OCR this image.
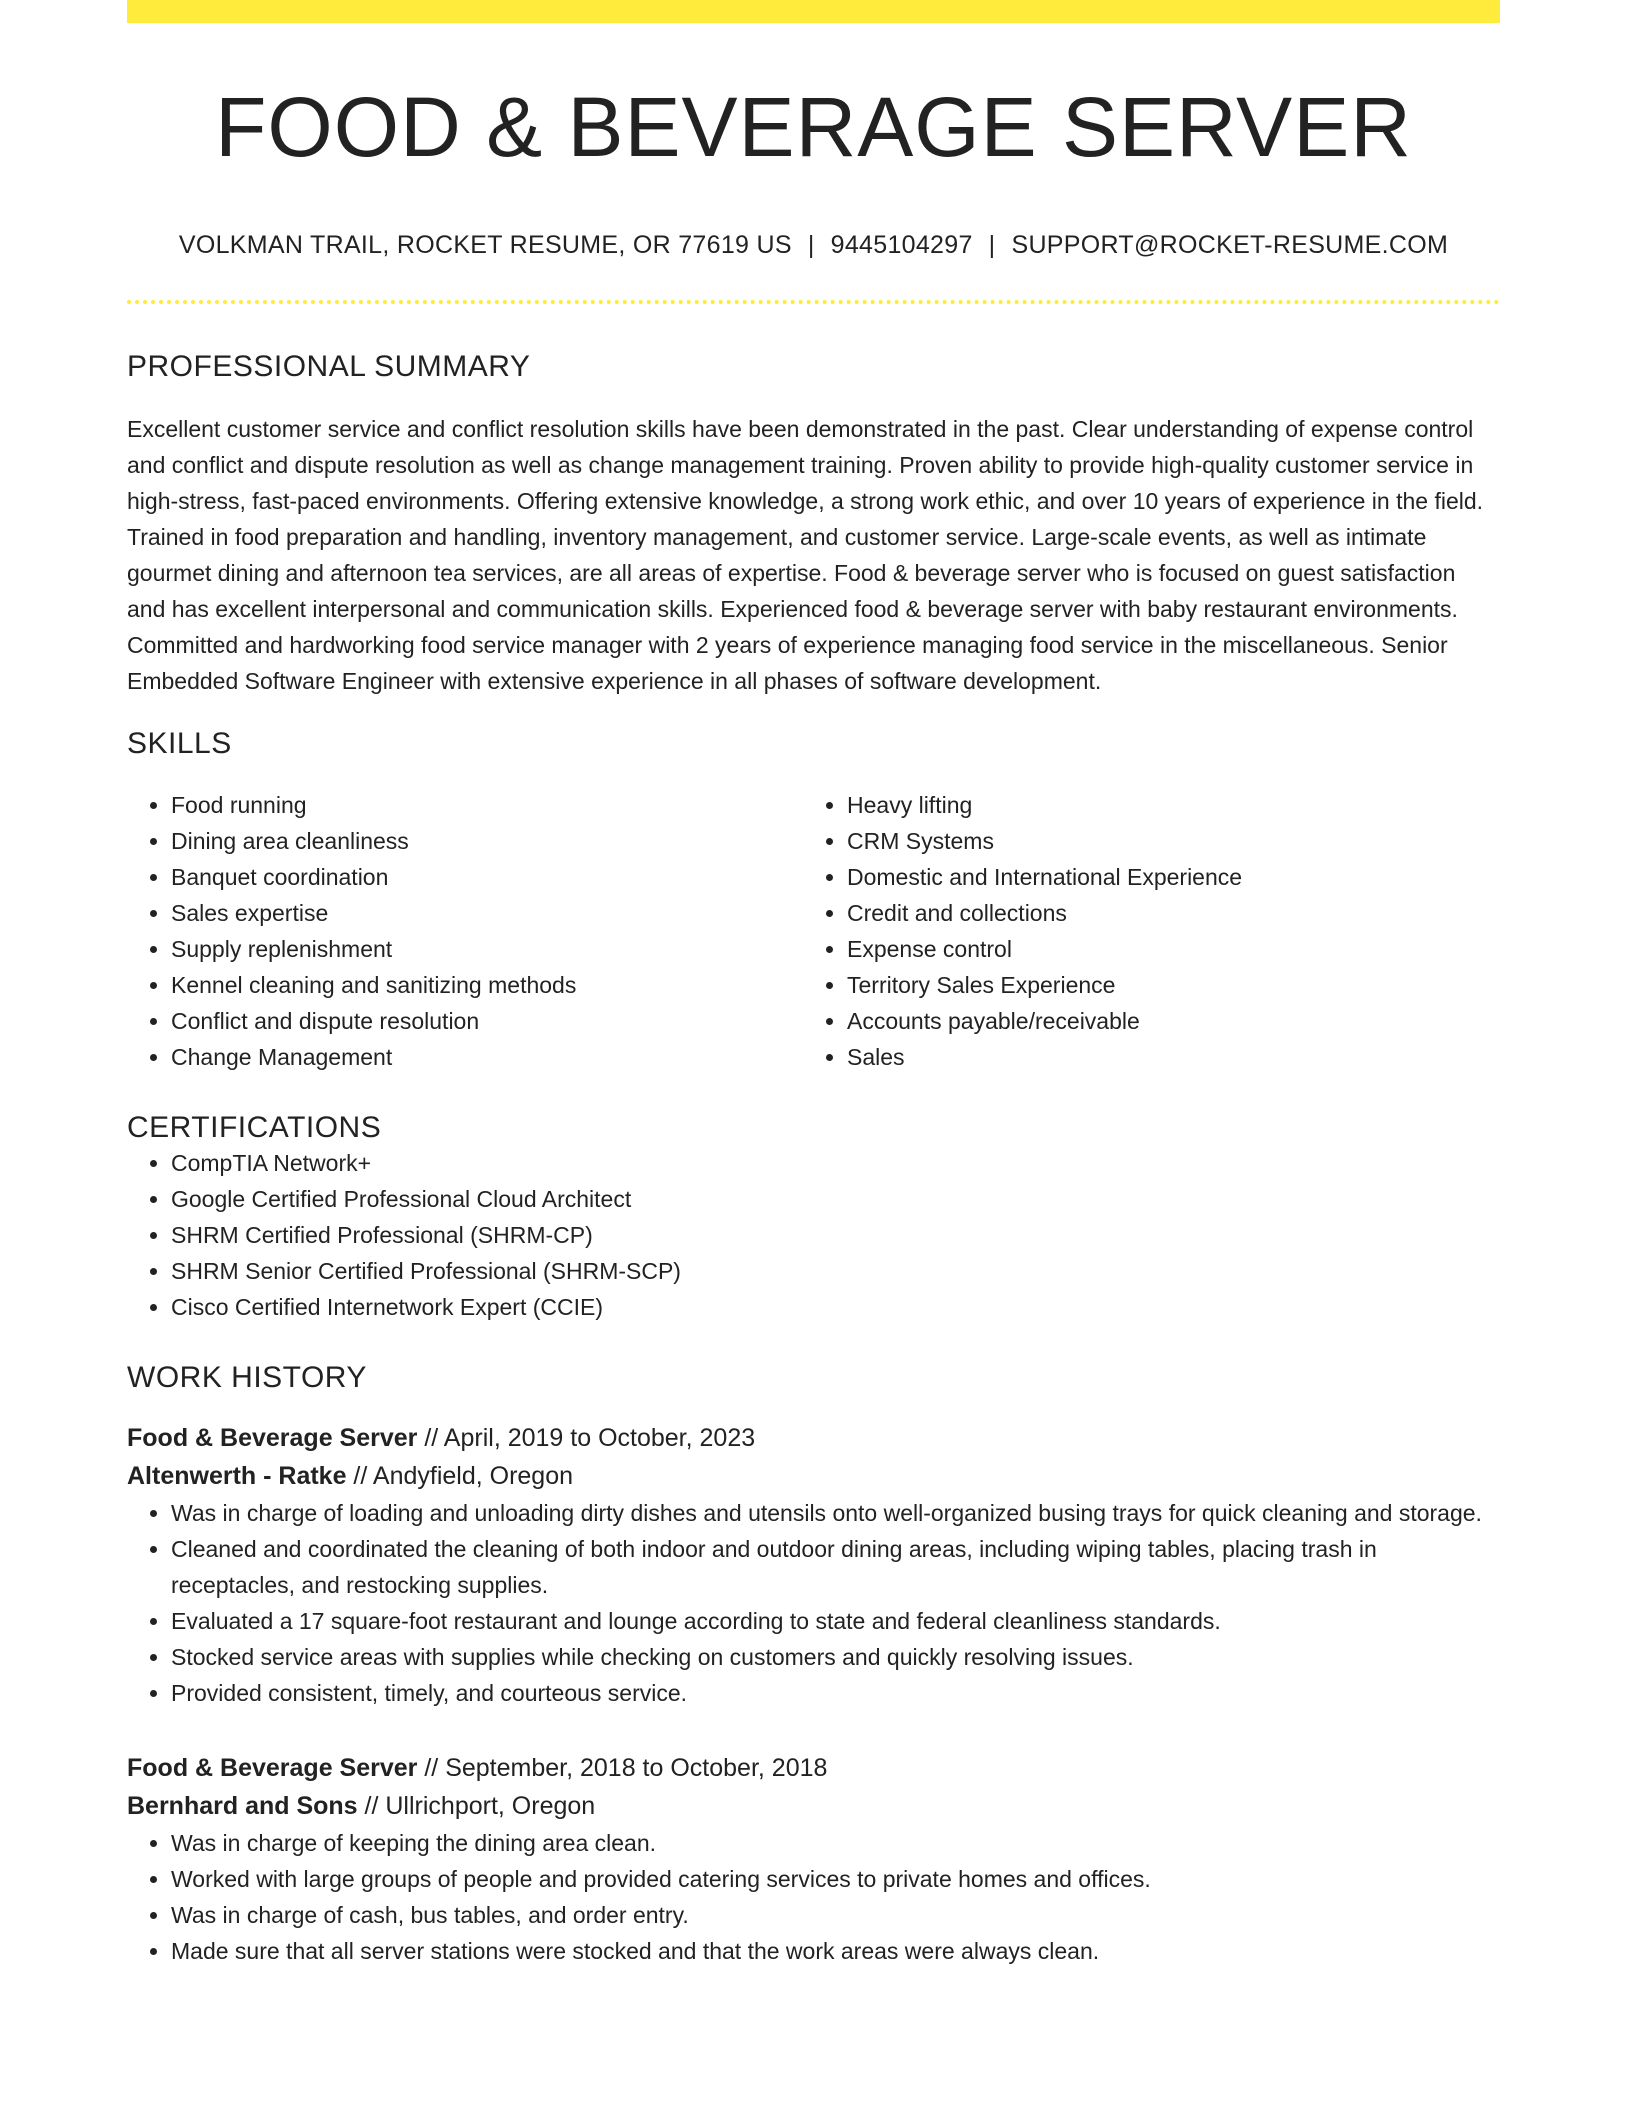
FOOD & BEVERAGE SERVER
VOLKMAN TRAIL, ROCKET RESUME, OR 77619 US | 9445104297 | SUPPORT@ROCKET-RESUME.COM
PROFESSIONAL SUMMARY
Excellent customer service and conflict resolution skills have been demonstrated in the past. Clear understanding of expense control and conflict and dispute resolution as well as change management training. Proven ability to provide high-quality customer service in high-stress, fast-paced environments. Offering extensive knowledge, a strong work ethic, and over 10 years of experience in the field. Trained in food preparation and handling, inventory management, and customer service. Large-scale events, as well as intimate gourmet dining and afternoon tea services, are all areas of expertise. Food & beverage server who is focused on guest satisfaction and has excellent interpersonal and communication skills. Experienced food & beverage server with baby restaurant environments. Committed and hardworking food service manager with 2 years of experience managing food service in the miscellaneous. Senior Embedded Software Engineer with extensive experience in all phases of software development.
SKILLS
• Food running
• Dining area cleanliness
• Banquet coordination
• Sales expertise
• Supply replenishment
• Kennel cleaning and sanitizing methods
• Conflict and dispute resolution
• Change Management
• Heavy lifting
• CRM Systems
• Domestic and International Experience
• Credit and collections
• Expense control
• Territory Sales Experience
• Accounts payable/receivable
• Sales
CERTIFICATIONS
• CompTIA Network+
• Google Certified Professional Cloud Architect
• SHRM Certified Professional (SHRM-CP)
• SHRM Senior Certified Professional (SHRM-SCP)
• Cisco Certified Internetwork Expert (CCIE)
WORK HISTORY
Food & Beverage Server // April, 2019 to October, 2023
Altenwerth - Ratke // Andyfield, Oregon
• Was in charge of loading and unloading dirty dishes and utensils onto well-organized busing trays for quick cleaning and storage.
• Cleaned and coordinated the cleaning of both indoor and outdoor dining areas, including wiping tables, placing trash in receptacles, and restocking supplies.
• Evaluated a 17 square-foot restaurant and lounge according to state and federal cleanliness standards.
• Stocked service areas with supplies while checking on customers and quickly resolving issues.
• Provided consistent, timely, and courteous service.
Food & Beverage Server // September, 2018 to October, 2018
Bernhard and Sons // Ullrichport, Oregon
• Was in charge of keeping the dining area clean.
• Worked with large groups of people and provided catering services to private homes and offices.
• Was in charge of cash, bus tables, and order entry.
• Made sure that all server stations were stocked and that the work areas were always clean.
